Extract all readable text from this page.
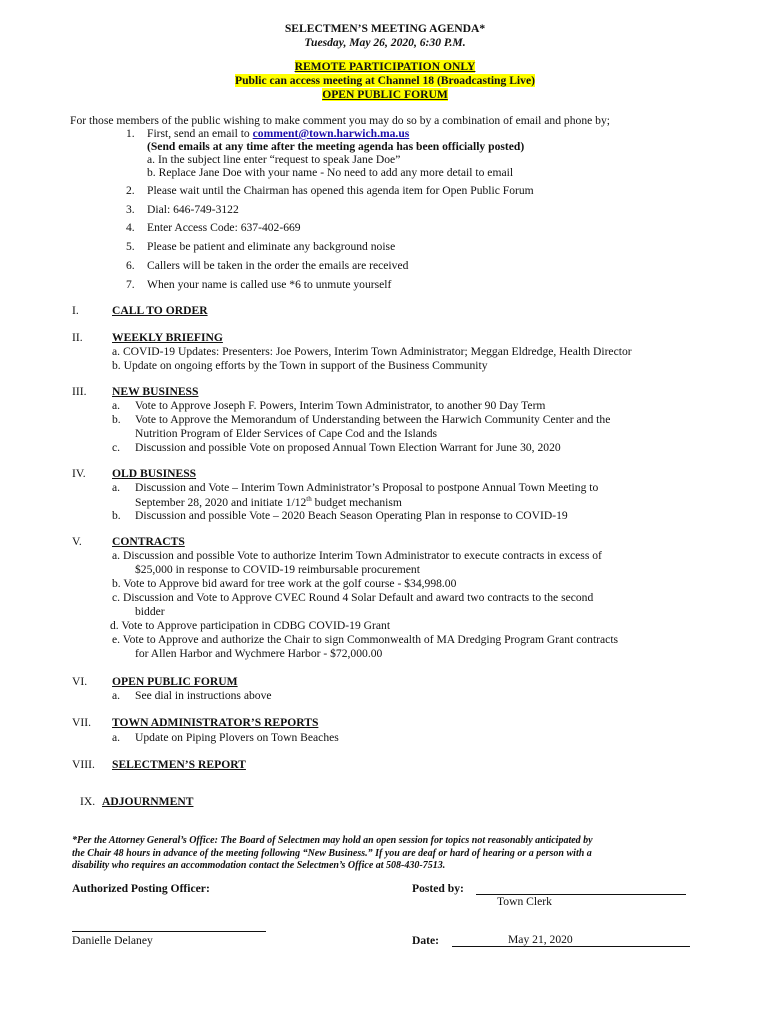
SELECTMEN’S MEETING AGENDA*
Tuesday, May 26, 2020, 6:30 P.M.
REMOTE PARTICIPATION ONLY
Public can access meeting at Channel 18 (Broadcasting Live)
OPEN PUBLIC FORUM
For those members of the public wishing to make comment you may do so by a combination of email and phone by;
1. First, send an email to comment@town.harwich.ma.us
(Send emails at any time after the meeting agenda has been officially posted)
a. In the subject line enter “request to speak Jane Doe”
b. Replace Jane Doe with your name - No need to add any more detail to email
2. Please wait until the Chairman has opened this agenda item for Open Public Forum
3. Dial: 646-749-3122
4. Enter Access Code: 637-402-669
5. Please be patient and eliminate any background noise
6. Callers will be taken in the order the emails are received
7. When your name is called use *6 to unmute yourself
I.	CALL TO ORDER
II.	WEEKLY BRIEFING
a. COVID-19 Updates: Presenters: Joe Powers, Interim Town Administrator; Meggan Eldredge, Health Director
b. Update on ongoing efforts by the Town in support of the Business Community
III. NEW BUSINESS
a. Vote to Approve Joseph F. Powers, Interim Town Administrator, to another 90 Day Term
b. Vote to Approve the Memorandum of Understanding between the Harwich Community Center and the
Nutrition Program of Elder Services of Cape Cod and the Islands
c. Discussion and possible Vote on proposed Annual Town Election Warrant for June 30, 2020
IV. OLD BUSINESS
a. Discussion and Vote – Interim Town Administrator’s Proposal to postpone Annual Town Meeting to
September 28, 2020 and initiate 1/12th budget mechanism
b. Discussion and possible Vote – 2020 Beach Season Operating Plan in response to COVID-19
V.	CONTRACTS
a. Discussion and possible Vote to authorize Interim Town Administrator to execute contracts in excess of
$25,000 in response to COVID-19 reimbursable procurement
b. Vote to Approve bid award for tree work at the golf course - $34,998.00
c. Discussion and Vote to Approve CVEC Round 4 Solar Default and award two contracts to the second
bidder
d. Vote to Approve participation in CDBG COVID-19 Grant
e. Vote to Approve and authorize the Chair to sign Commonwealth of MA Dredging Program Grant contracts
for Allen Harbor and Wychmere Harbor - $72,000.00
VI. OPEN PUBLIC FORUM
a. See dial in instructions above
VII. TOWN ADMINISTRATOR’S REPORTS
a. Update on Piping Plovers on Town Beaches
VIII. SELECTMEN’S REPORT
IX. ADJOURNMENT
*Per the Attorney General’s Office: The Board of Selectmen may hold an open session for topics not reasonably anticipated by
the Chair 48 hours in advance of the meeting following “New Business.” If you are deaf or hard of hearing or a person with a
disability who requires an accommodation contact the Selectmen’s Office at 508-430-7513.
Authorized Posting Officer:	Posted by:
Town Clerk
Danielle Delaney	Date:	May 21, 2020
